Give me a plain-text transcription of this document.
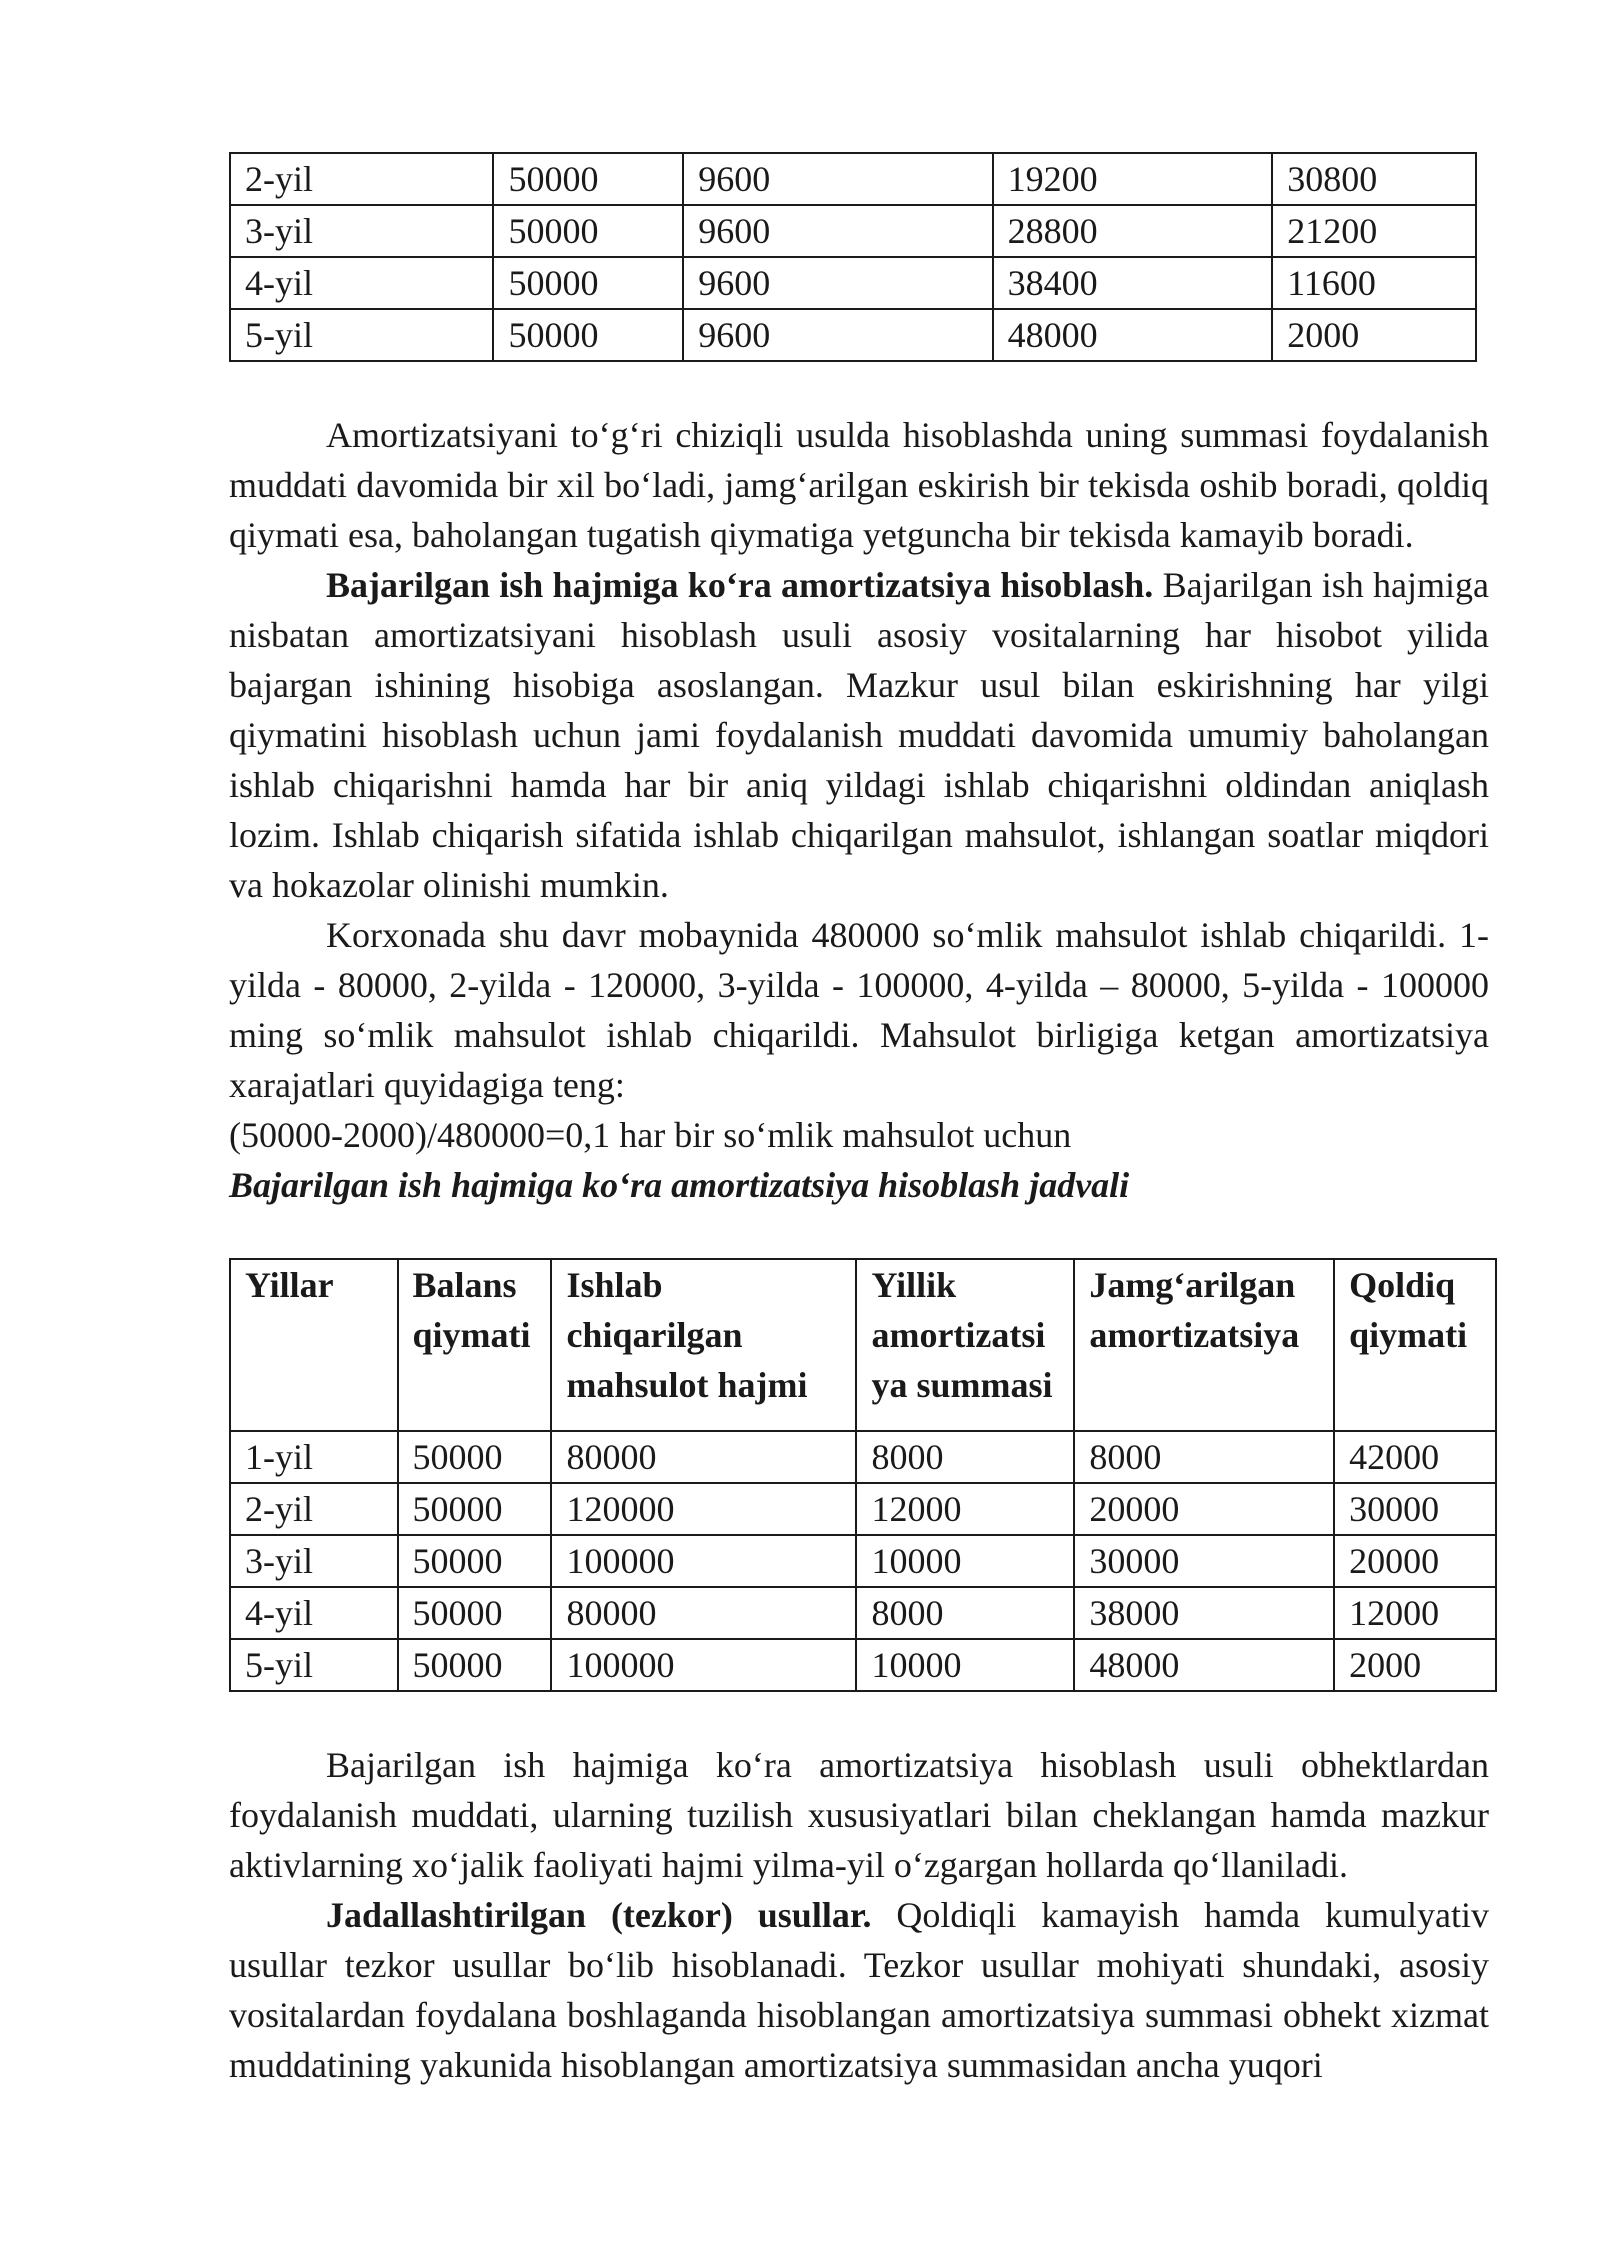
2-yil	50000	9600	19200	30800
3-yil	50000	9600	28800	21200
4-yil	50000	9600	38400	11600
5-yil	50000	9600	48000	2000

Amortizatsiyani to‘g‘ri chiziqli usulda hisoblashda uning summasi foydalanish muddati davomida bir xil bo‘ladi, jamg‘arilgan eskirish bir tekisda oshib boradi, qoldiq qiymati esa, baholangan tugatish qiymatiga yetguncha bir tekisda kamayib boradi.

Bajarilgan ish hajmiga ko‘ra amortizatsiya hisoblash. Bajarilgan ish hajmiga nisbatan amortizatsiyani hisoblash usuli asosiy vositalarning har hisobot yilida bajargan ishining hisobiga asoslangan. Mazkur usul bilan eskirishning har yilgi qiymatini hisoblash uchun jami foydalanish muddati davomida umumiy baholangan ishlab chiqarishni hamda har bir aniq yildagi ishlab chiqarishni oldindan aniqlash lozim. Ishlab chiqarish sifatida ishlab chiqarilgan mahsulot, ishlangan soatlar miqdori va hokazolar olinishi mumkin.

Korxonada shu davr mobaynida 480000 so‘mlik mahsulot ishlab chiqarildi. 1-yilda - 80000, 2-yilda - 120000, 3-yilda - 100000, 4-yilda – 80000, 5-yilda - 100000 ming so‘mlik mahsulot ishlab chiqarildi. Mahsulot birligiga ketgan amortizatsiya xarajatlari quyidagiga teng:

(50000-2000)/480000=0,1 har bir so‘mlik mahsulot uchun

Bajarilgan ish hajmiga ko‘ra amortizatsiya hisoblash jadvali

Yillar	Balans qiymati	Ishlab chiqarilgan mahsulot hajmi	Yillik amortizatsi ya summasi	Jamg‘arilgan amortizatsiya	Qoldiq qiymati
1-yil	50000	80000	8000	8000	42000
2-yil	50000	120000	12000	20000	30000
3-yil	50000	100000	10000	30000	20000
4-yil	50000	80000	8000	38000	12000
5-yil	50000	100000	10000	48000	2000

Bajarilgan ish hajmiga ko‘ra amortizatsiya hisoblash usuli obhektlardan foydalanish muddati, ularning tuzilish xususiyatlari bilan cheklangan hamda mazkur aktivlarning xo‘jalik faoliyati hajmi yilma-yil o‘zgargan hollarda qo‘llaniladi.

Jadallashtirilgan (tezkor) usullar. Qoldiqli kamayish hamda kumulyativ usullar tezkor usullar bo‘lib hisoblanadi. Tezkor usullar mohiyati shundaki, asosiy vositalardan foydalana boshlaganda hisoblangan amortizatsiya summasi obhekt xizmat muddatining yakunida hisoblangan amortizatsiya summasidan ancha yuqori
